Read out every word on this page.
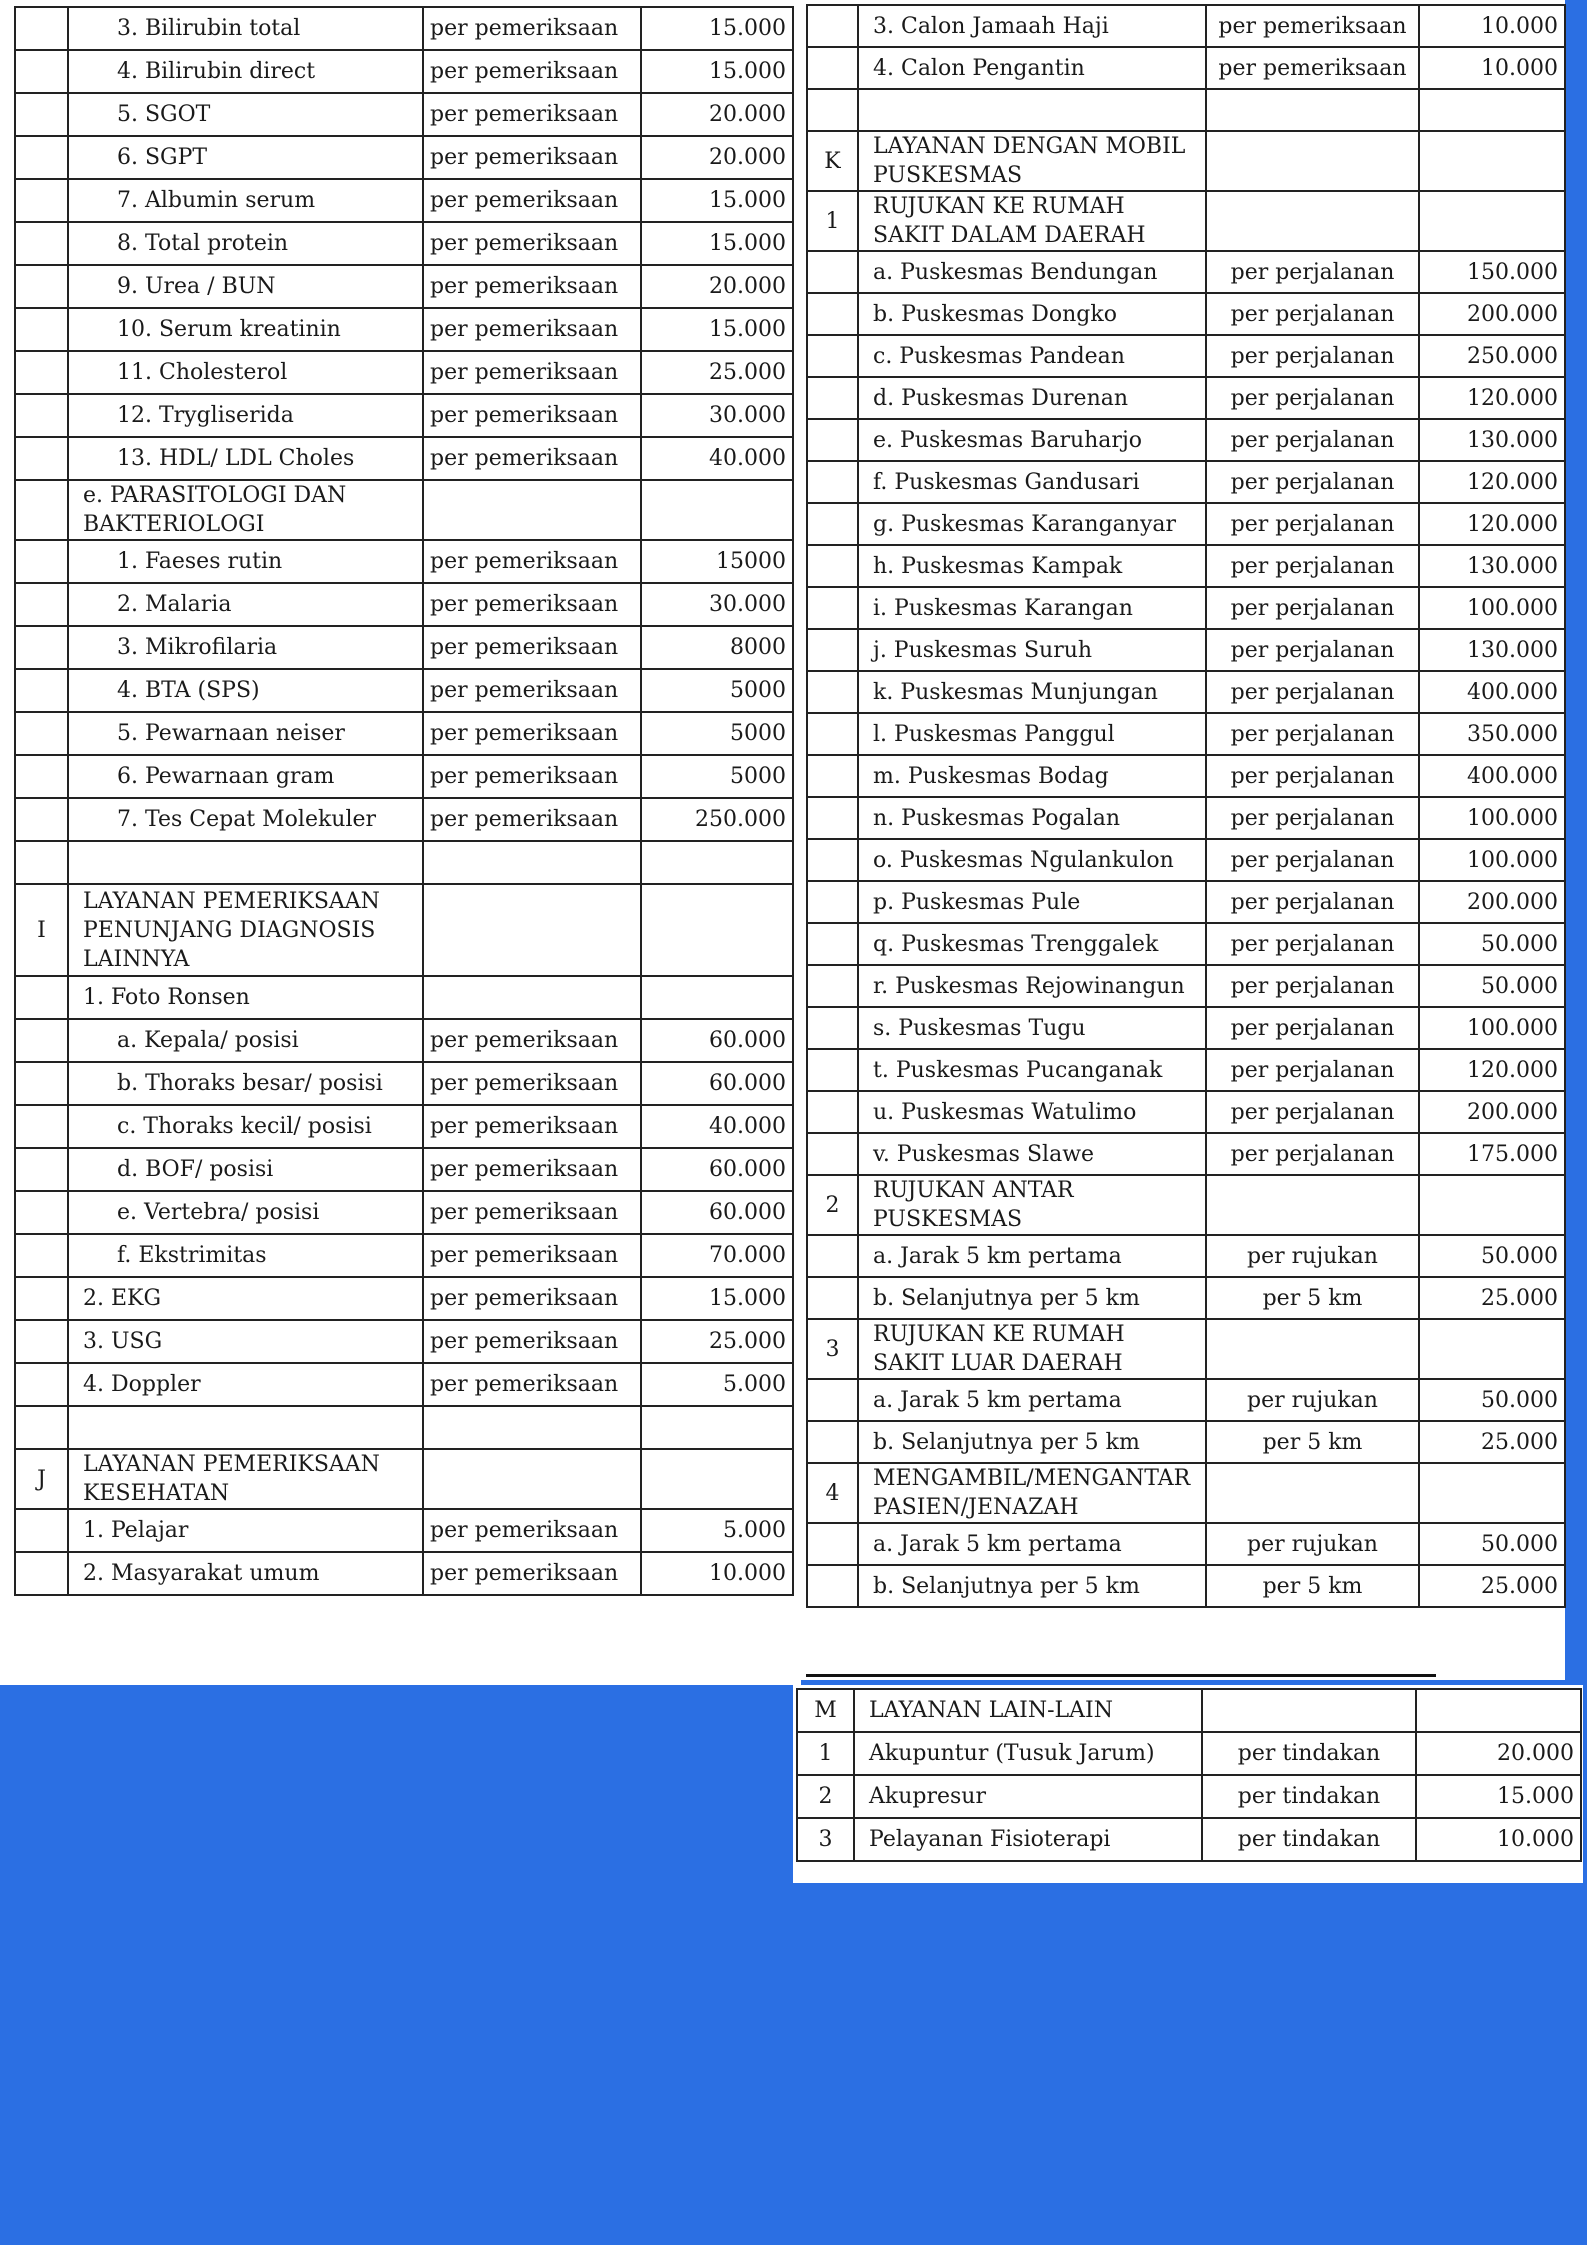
	3. Bilirubin total	per pemeriksaan	15.000
	4. Bilirubin direct	per pemeriksaan	15.000
	5. SGOT	per pemeriksaan	20.000
	6. SGPT	per pemeriksaan	20.000
	7. Albumin serum	per pemeriksaan	15.000
	8. Total protein	per pemeriksaan	15.000
	9. Urea / BUN	per pemeriksaan	20.000
	10. Serum kreatinin	per pemeriksaan	15.000
	11. Cholesterol	per pemeriksaan	25.000
	12. Trygliserida	per pemeriksaan	30.000
	13. HDL/ LDL Choles	per pemeriksaan	40.000
	e. PARASITOLOGI DAN BAKTERIOLOGI		
	1. Faeses rutin	per pemeriksaan	15000
	2. Malaria	per pemeriksaan	30.000
	3. Mikrofilaria	per pemeriksaan	8000
	4. BTA (SPS)	per pemeriksaan	5000
	5. Pewarnaan neiser	per pemeriksaan	5000
	6. Pewarnaan gram	per pemeriksaan	5000
	7. Tes Cepat Molekuler	per pemeriksaan	250.000

I	LAYANAN PEMERIKSAAN PENUNJANG DIAGNOSIS LAINNYA		
	1. Foto Ronsen		
	a. Kepala/ posisi	per pemeriksaan	60.000
	b. Thoraks besar/ posisi	per pemeriksaan	60.000
	c. Thoraks kecil/ posisi	per pemeriksaan	40.000
	d. BOF/ posisi	per pemeriksaan	60.000
	e. Vertebra/ posisi	per pemeriksaan	60.000
	f. Ekstrimitas	per pemeriksaan	70.000
	2. EKG	per pemeriksaan	15.000
	3. USG	per pemeriksaan	25.000
	4. Doppler	per pemeriksaan	5.000

J	LAYANAN PEMERIKSAAN KESEHATAN		
	1. Pelajar	per pemeriksaan	5.000
	2. Masyarakat umum	per pemeriksaan	10.000
	3. Calon Jamaah Haji	per pemeriksaan	10.000
	4. Calon Pengantin	per pemeriksaan	10.000

K	LAYANAN DENGAN MOBIL PUSKESMAS		
1	RUJUKAN KE RUMAH SAKIT DALAM DAERAH		
	a. Puskesmas Bendungan	per perjalanan	150.000
	b. Puskesmas Dongko	per perjalanan	200.000
	c. Puskesmas Pandean	per perjalanan	250.000
	d. Puskesmas Durenan	per perjalanan	120.000
	e. Puskesmas Baruharjo	per perjalanan	130.000
	f. Puskesmas Gandusari	per perjalanan	120.000
	g. Puskesmas Karanganyar	per perjalanan	120.000
	h. Puskesmas Kampak	per perjalanan	130.000
	i. Puskesmas Karangan	per perjalanan	100.000
	j. Puskesmas Suruh	per perjalanan	130.000
	k. Puskesmas Munjungan	per perjalanan	400.000
	l. Puskesmas Panggul	per perjalanan	350.000
	m. Puskesmas Bodag	per perjalanan	400.000
	n. Puskesmas Pogalan	per perjalanan	100.000
	o. Puskesmas Ngulankulon	per perjalanan	100.000
	p. Puskesmas Pule	per perjalanan	200.000
	q. Puskesmas Trenggalek	per perjalanan	50.000
	r. Puskesmas Rejowinangun	per perjalanan	50.000
	s. Puskesmas Tugu	per perjalanan	100.000
	t. Puskesmas Pucanganak	per perjalanan	120.000
	u. Puskesmas Watulimo	per perjalanan	200.000
	v. Puskesmas Slawe	per perjalanan	175.000
2	RUJUKAN ANTAR PUSKESMAS		
	a. Jarak 5 km pertama	per rujukan	50.000
	b. Selanjutnya per 5 km	per 5 km	25.000
3	RUJUKAN KE RUMAH SAKIT LUAR DAERAH		
	a. Jarak 5 km pertama	per rujukan	50.000
	b. Selanjutnya per 5 km	per 5 km	25.000
4	MENGAMBIL/MENGANTAR PASIEN/JENAZAH		
	a. Jarak 5 km pertama	per rujukan	50.000
	b. Selanjutnya per 5 km	per 5 km	25.000
M	LAYANAN LAIN-LAIN		
1	Akupuntur (Tusuk Jarum)	per tindakan	20.000
2	Akupresur	per tindakan	15.000
3	Pelayanan Fisioterapi	per tindakan	10.000
